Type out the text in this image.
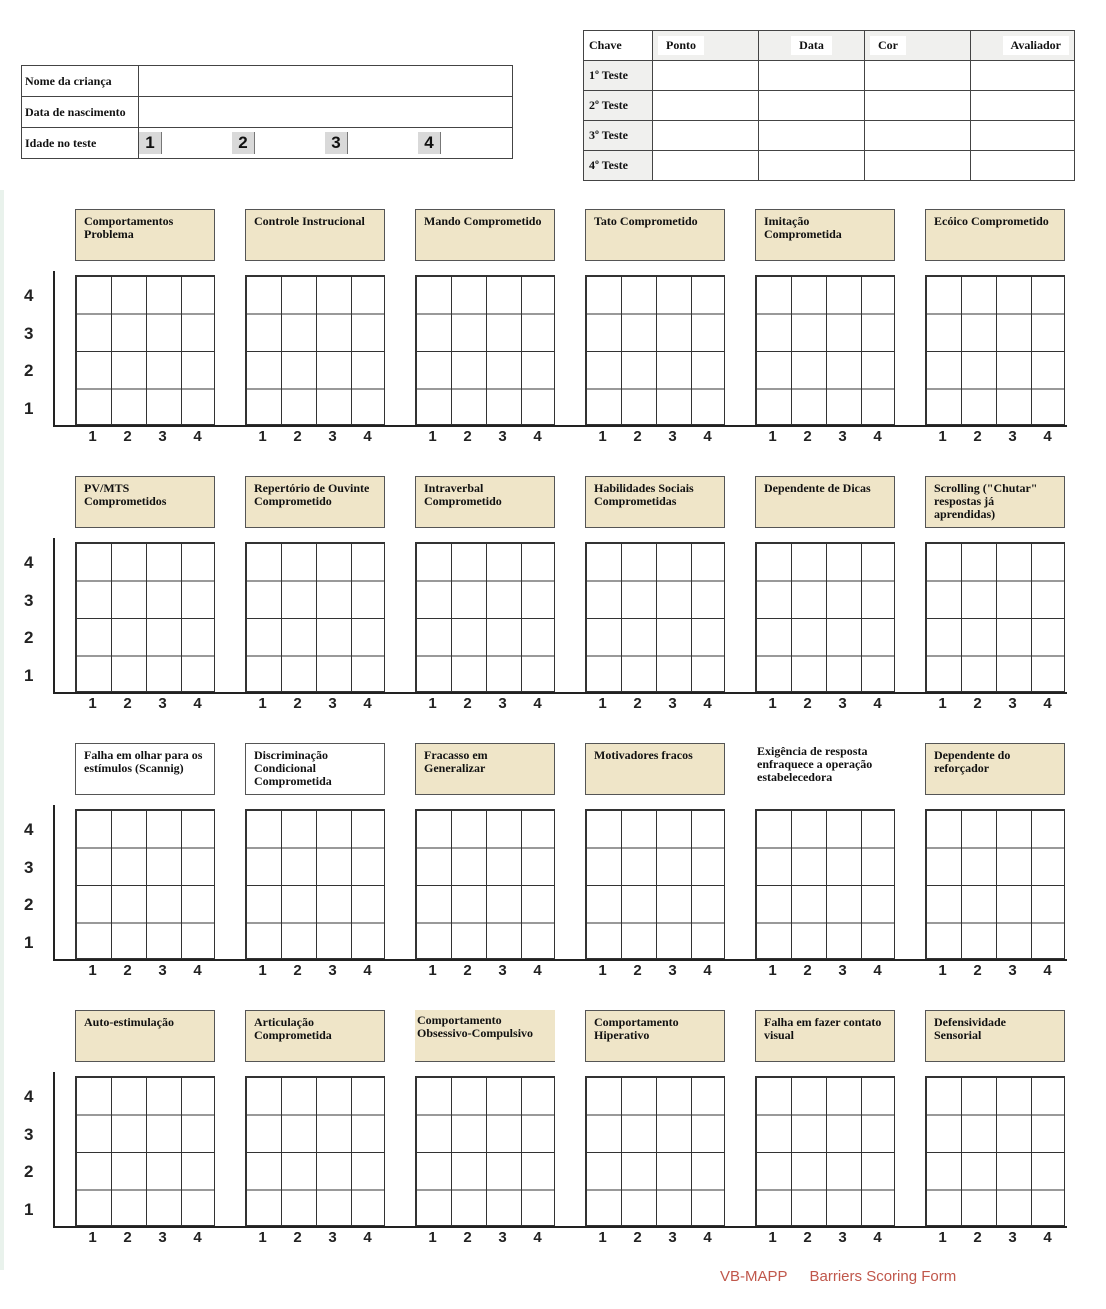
Nome da criança	
Data de nascimento	
Idade no teste	1 2 3 4
Chave	Ponto	Data	Cor	Avaliador
1º Teste				
2º Teste				
3º Teste				
4º Teste				
Comportamentos Problema
1	2	3	4
Controle Instrucional
1	2	3	4
Mando Comprometido
1	2	3	4
Tato Comprometido
1	2	3	4
Imitação Comprometida
1	2	3	4
Ecóico Comprometido
1	2	3	4
PV/MTS Comprometidos
1	2	3	4
Repertório de Ouvinte Comprometido
1	2	3	4
Intraverbal Comprometido
1	2	3	4
Habilidades Sociais Comprometidas
1	2	3	4
Dependente de Dicas
1	2	3	4
Scrolling ("Chutar" respostas já aprendidas)
1	2	3	4
Falha em olhar para os estímulos (Scannig)
1	2	3	4
Discriminação Condicional Comprometida
1	2	3	4
Fracasso em Generalizar
1	2	3	4
Motivadores fracos
1	2	3	4
Exigência de resposta enfraquece a operação estabelecedora
1	2	3	4
Dependente do reforçador
1	2	3	4
Auto-estimulação
1	2	3	4
Articulação Comprometida
1	2	3	4
Comportamento Obsessivo-Compulsivo
1	2	3	4
Comportamento Hiperativo
1	2	3	4
Falha em fazer contato visual
1	2	3	4
Defensividade Sensorial
1	2	3	4
4
3
2
1
4
3
2
1
4
3
2
1
4
3
2
1
VB-MAPP Barriers Scoring Form
